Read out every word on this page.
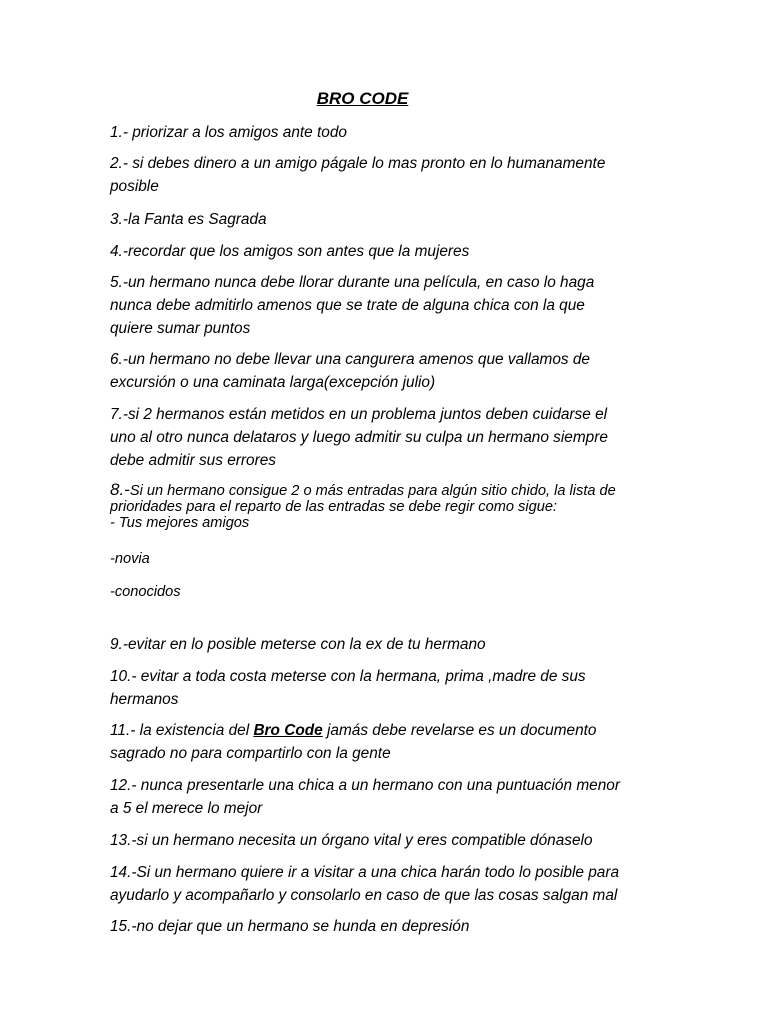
BRO CODE
1.- priorizar a los amigos ante todo
2.- si debes dinero a un amigo págale lo mas pronto en lo humanamente
posible
3.-la Fanta es Sagrada
4.-recordar que los amigos son antes que la mujeres
5.-un hermano nunca debe llorar durante una película, en caso lo haga
nunca debe admitirlo amenos que se trate de alguna chica con la que
quiere sumar puntos
6.-un hermano no debe llevar una cangurera amenos que vallamos de
excursión o una caminata larga(excepción julio)
7.-si 2 hermanos están metidos en un problema juntos deben cuidarse el
uno al otro nunca delataros y luego admitir su culpa un hermano siempre
debe admitir sus errores
8.-Si un hermano consigue 2 o más entradas para algún sitio chido, la lista de
prioridades para el reparto de las entradas se debe regir como sigue:
- Tus mejores amigos
-novia
-conocidos
9.-evitar en lo posible meterse con la ex de tu hermano
10.- evitar a toda costa meterse con la hermana, prima ,madre de sus
hermanos
11.- la existencia del Bro Code jamás debe revelarse es un documento
sagrado no para compartirlo con la gente
12.- nunca presentarle una chica a un hermano con una puntuación menor
a 5 el merece lo mejor
13.-si un hermano necesita un órgano vital y eres compatible dónaselo
14.-Si un hermano quiere ir a visitar a una chica harán todo lo posible para
ayudarlo y acompañarlo y consolarlo en caso de que las cosas salgan mal
15.-no dejar que un hermano se hunda en depresión
